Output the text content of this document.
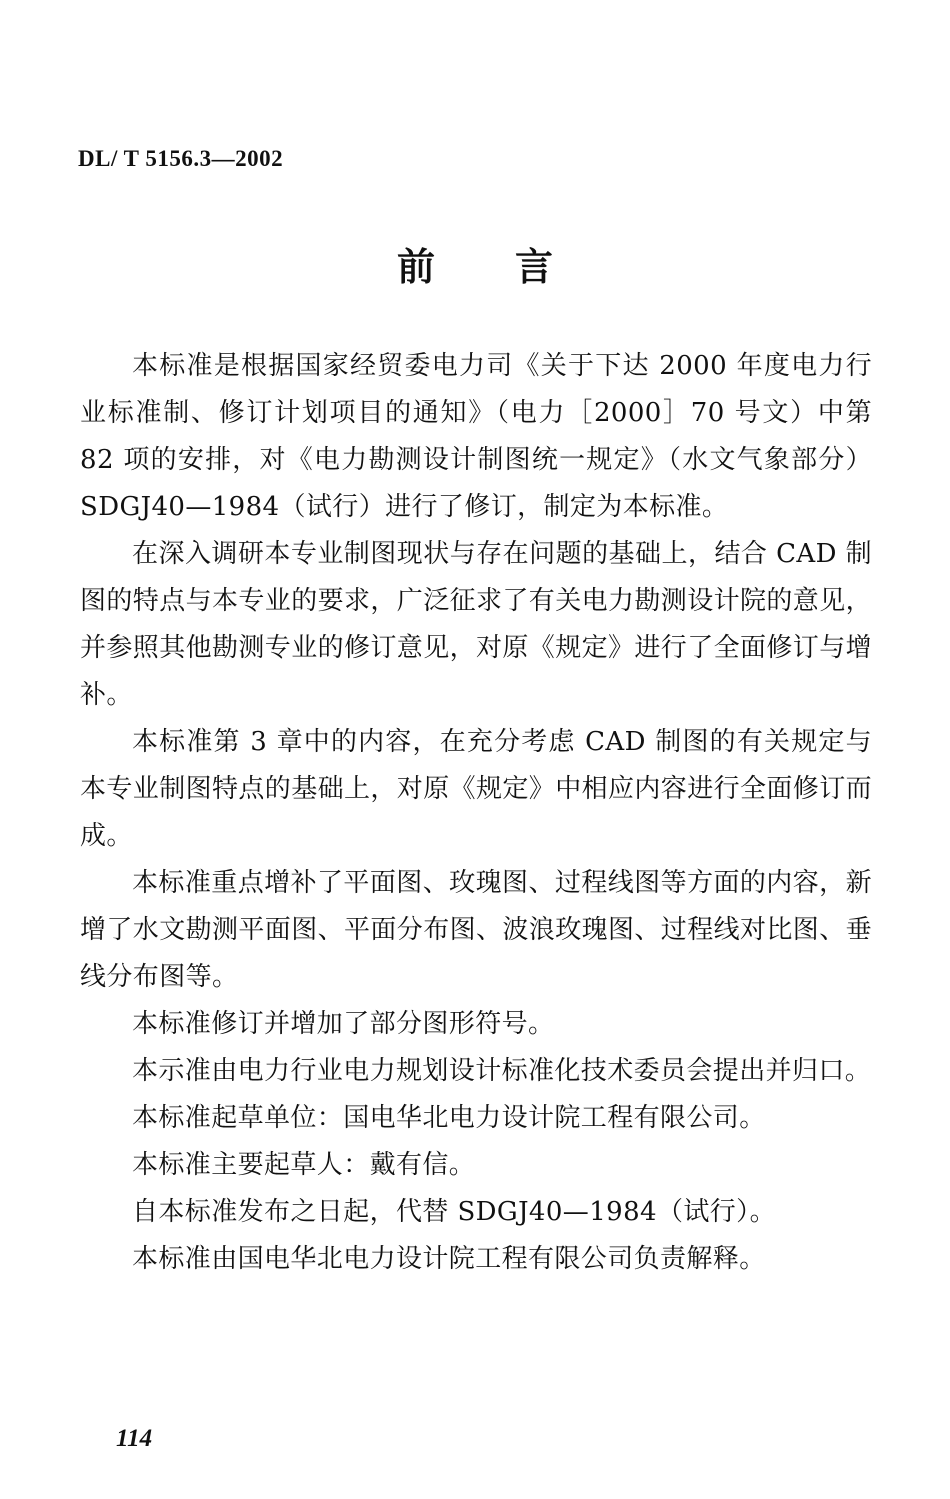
DL/ T 5156.3—2002
前言

本标准是根据国家经贸委电力司《关于下达 2000 年度电力行业标准制、修订计划项目的通知》（电力［2000］70 号文）中第 82 项的安排，对《电力勘测设计制图统一规定》（水文气象部分）SDGJ40—1984（试行）进行了修订，制定为本标准。

在深入调研本专业制图现状与存在问题的基础上，结合 CAD 制图的特点与本专业的要求，广泛征求了有关电力勘测设计院的意见，并参照其他勘测专业的修订意见，对原《规定》进行了全面修订与增补。

本标准第 3 章中的内容，在充分考虑 CAD 制图的有关规定与本专业制图特点的基础上，对原《规定》中相应内容进行全面修订而成。

本标准重点增补了平面图、玫瑰图、过程线图等方面的内容，新增了水文勘测平面图、平面分布图、波浪玫瑰图、过程线对比图、垂线分布图等。

本标准修订并增加了部分图形符号。

本示准由电力行业电力规划设计标准化技术委员会提出并归口。

本标准起草单位：国电华北电力设计院工程有限公司。

本标准主要起草人：戴有信。

自本标准发布之日起，代替 SDGJ40—1984（试行）。

本标准由国电华北电力设计院工程有限公司负责解释。

114
